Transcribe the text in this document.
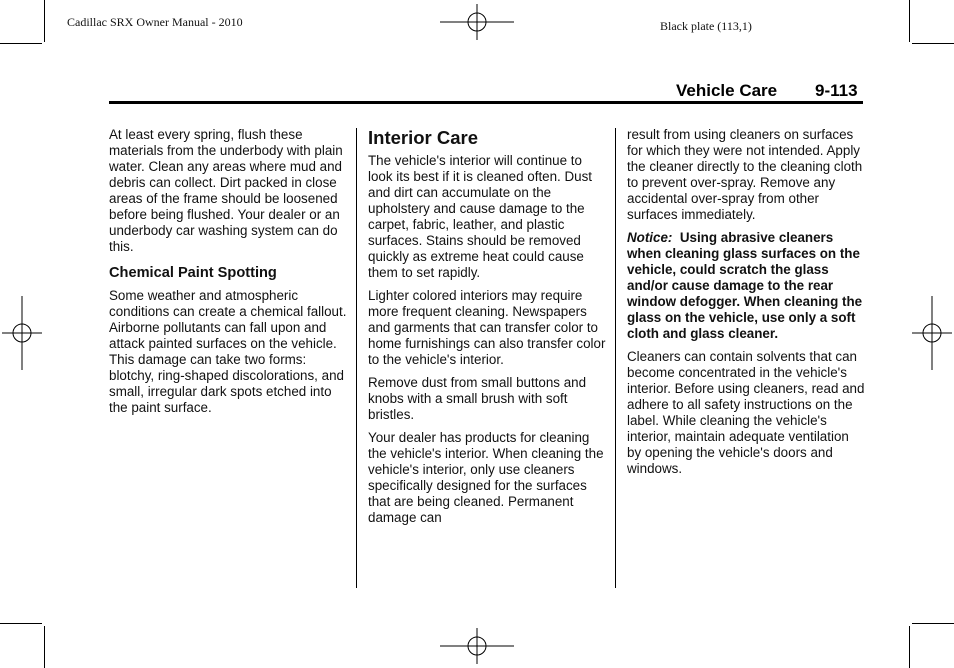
Cadillac SRX Owner Manual - 2010	Black plate (113,1)
Vehicle Care 9-113

At least every spring, flush these materials from the underbody with plain water. Clean any areas where mud and debris can collect. Dirt packed in close areas of the frame should be loosened before being flushed. Your dealer or an underbody car washing system can do this.

Chemical Paint Spotting

Some weather and atmospheric conditions can create a chemical fallout. Airborne pollutants can fall upon and attack painted surfaces on the vehicle. This damage can take two forms: blotchy, ring-shaped discolorations, and small, irregular dark spots etched into the paint surface.

Interior Care

The vehicle's interior will continue to look its best if it is cleaned often. Dust and dirt can accumulate on the upholstery and cause damage to the carpet, fabric, leather, and plastic surfaces. Stains should be removed quickly as extreme heat could cause them to set rapidly.

Lighter colored interiors may require more frequent cleaning. Newspapers and garments that can transfer color to home furnishings can also transfer color to the vehicle's interior.

Remove dust from small buttons and knobs with a small brush with soft bristles.

Your dealer has products for cleaning the vehicle's interior. When cleaning the vehicle's interior, only use cleaners specifically designed for the surfaces that are being cleaned. Permanent damage can

result from using cleaners on surfaces for which they were not intended. Apply the cleaner directly to the cleaning cloth to prevent over-spray. Remove any accidental over-spray from other surfaces immediately.

Notice: Using abrasive cleaners when cleaning glass surfaces on the vehicle, could scratch the glass and/or cause damage to the rear window defogger. When cleaning the glass on the vehicle, use only a soft cloth and glass cleaner.

Cleaners can contain solvents that can become concentrated in the vehicle's interior. Before using cleaners, read and adhere to all safety instructions on the label. While cleaning the vehicle's interior, maintain adequate ventilation by opening the vehicle's doors and windows.
